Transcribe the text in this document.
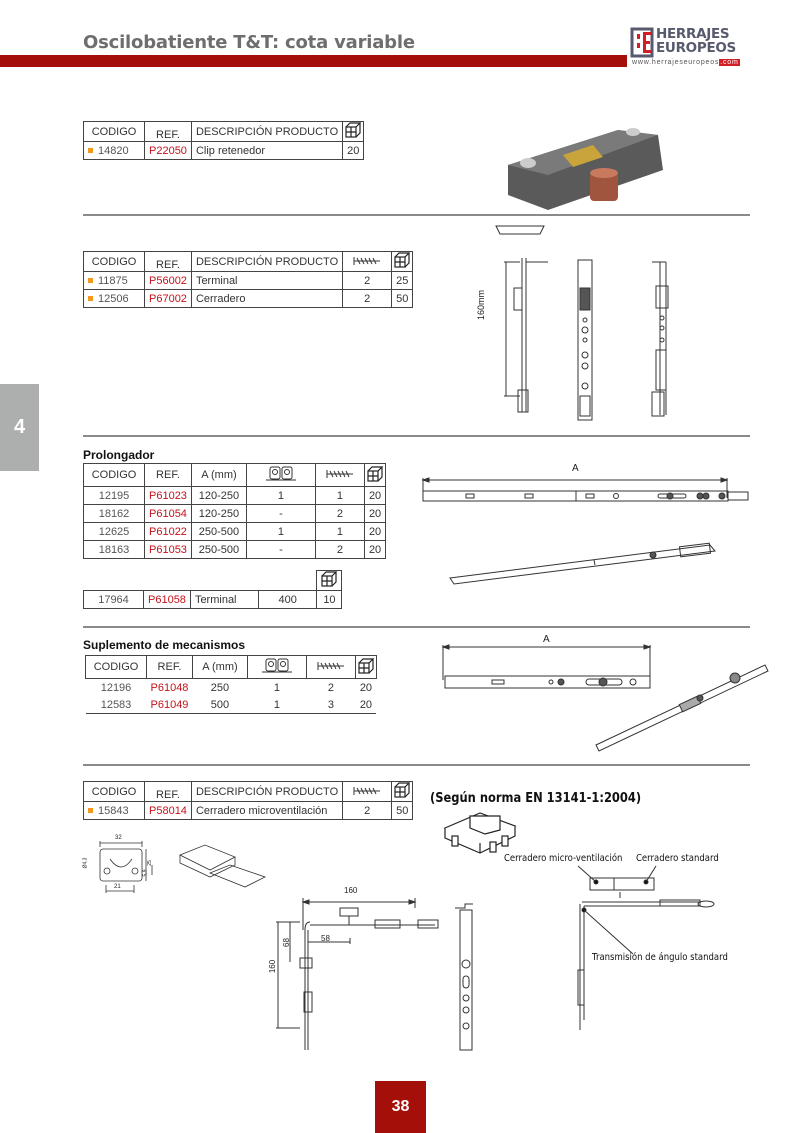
Oscilobatiente T&T: cota variable	HERRAJES
EUROPEOS
www.herrajeseuropeos.com
4
38
CODIGO	REF.	DESCRIPCIÓN PRODUCTO	
14820	P22050	Clip retenedor	20
CODIGO	REF.	DESCRIPCIÓN PRODUCTO		
11875	P56002	Terminal	2	25
12506	P67002	Cerradero	2	50	160mm
Prolongador
CODIGO	REF.	A (mm)			
12195	P61023	120-250	1	1	20
18162	P61054	120-250	-	2	20
12625	P61022	250-500	1	1	20
18163	P61053	250-500	-	2	20

17964	P61058	Terminal	400	10
A
Suplemento de mecanismos
CODIGO	REF.	A (mm)			
12196	P61048	250	1	2	20
12583	P61049	500	1	3	20
A
CODIGO	REF.	DESCRIPCIÓN PRODUCTO		
15843	P58014	Cerradero microventilación	2	50
(Según norma EN 13141-1:2004)
32
21
25
5,9
Ø4,3
160
68	58
160
Cerradero micro-ventilación Cerradero standard
Transmisión de ángulo standard
